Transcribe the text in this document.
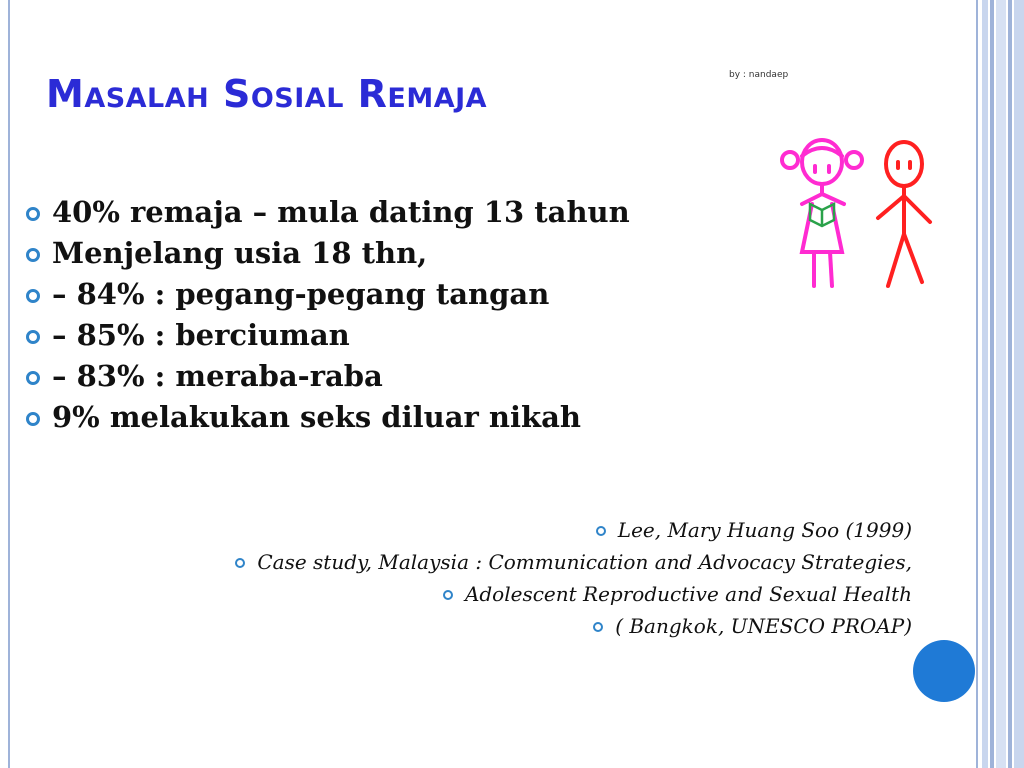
Masalah Sosial Remaja	by : nandaep
40% remaja – mula dating 13 tahun
Menjelang usia 18 thn,
– 84% : pegang-pegang tangan
– 85% : berciuman
– 83% : meraba-raba
9% melakukan seks diluar nikah
Lee, Mary Huang Soo (1999)
Case study, Malaysia : Communication and Advocacy Strategies,
Adolescent Reproductive and Sexual Health
( Bangkok, UNESCO PROAP)
